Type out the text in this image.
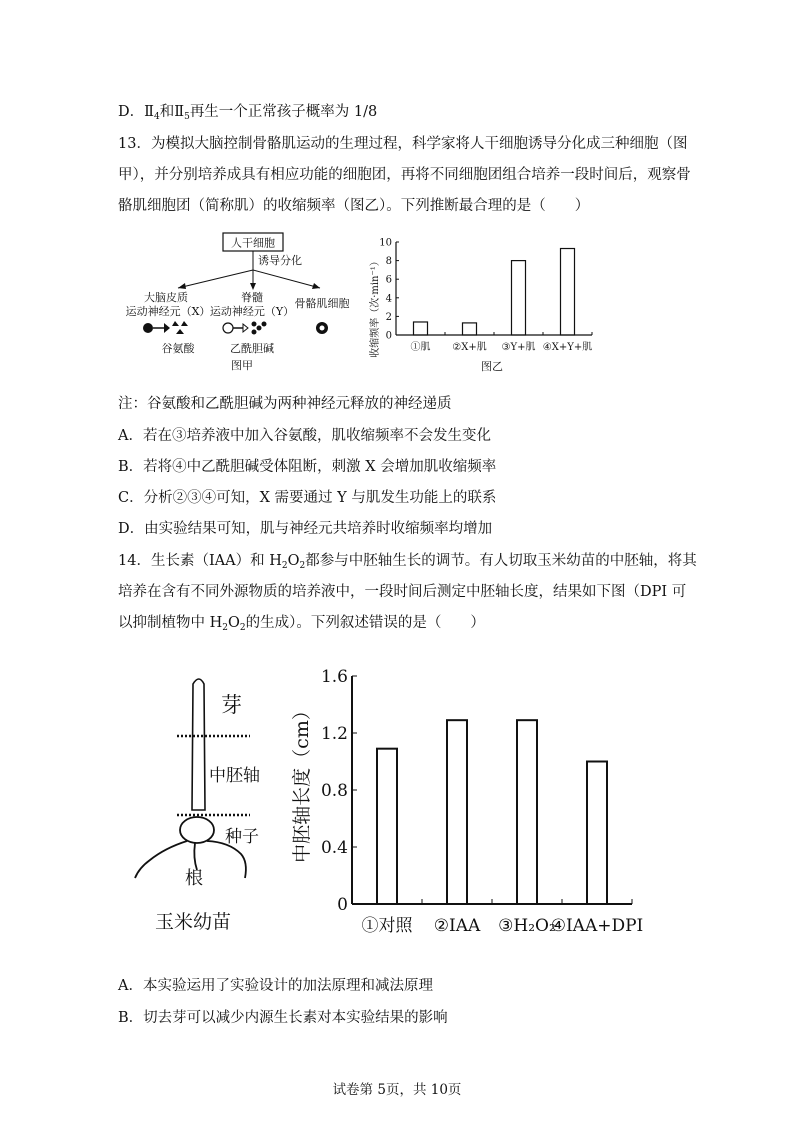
D．$Ⅱ_4$和$Ⅱ_5$再生一个正常孩子概率为 1/8
13．为模拟大脑控制骨骼肌运动的生理过程，科学家将人干细胞诱导分化成三种细胞（图
甲），并分别培养成具有相应功能的细胞团，再将不同细胞团组合培养一段时间后，观察骨
骼肌细胞团（简称肌）的收缩频率（图乙）。下列推断最合理的是（　　）
人干细胞
诱导分化
大脑皮质
运动神经元（X）
脊髓
运动神经元（Y）
骨骼肌细胞
谷氨酸	乙酰胆碱
图甲
收缩频率（次·min⁻¹） 0
2
4
6
8
10
①肌 ②X+肌 ③Y+肌 ④X+Y+肌
图乙
注：谷氨酸和乙酰胆碱为两种神经元释放的神经递质
A．若在③培养液中加入谷氨酸，肌收缩频率不会发生变化
B．若将④中乙酰胆碱受体阻断，刺激 X 会增加肌收缩频率
C．分析②③④可知，X 需要通过 Y 与肌发生功能上的联系
D．由实验结果可知，肌与神经元共培养时收缩频率均增加
14．生长素（IAA）和 $H_2O_2$都参与中胚轴生长的调节。有人切取玉米幼苗的中胚轴，将其
培养在含有不同外源物质的培养液中，一段时间后测定中胚轴长度，结果如下图（DPI 可
以抑制植物中 $H_2O_2$的生成）。下列叙述错误的是（　　）
芽
中胚轴
种子
根
玉米幼苗
中胚轴长度（cm）
0
0.4
0.8
1.2
1.6
①对照 ②IAA ③H₂O₂
④IAA+DPI
A．本实验运用了实验设计的加法原理和减法原理
B．切去芽可以减少内源生长素对本实验结果的影响
试卷第 5页，共 10页
